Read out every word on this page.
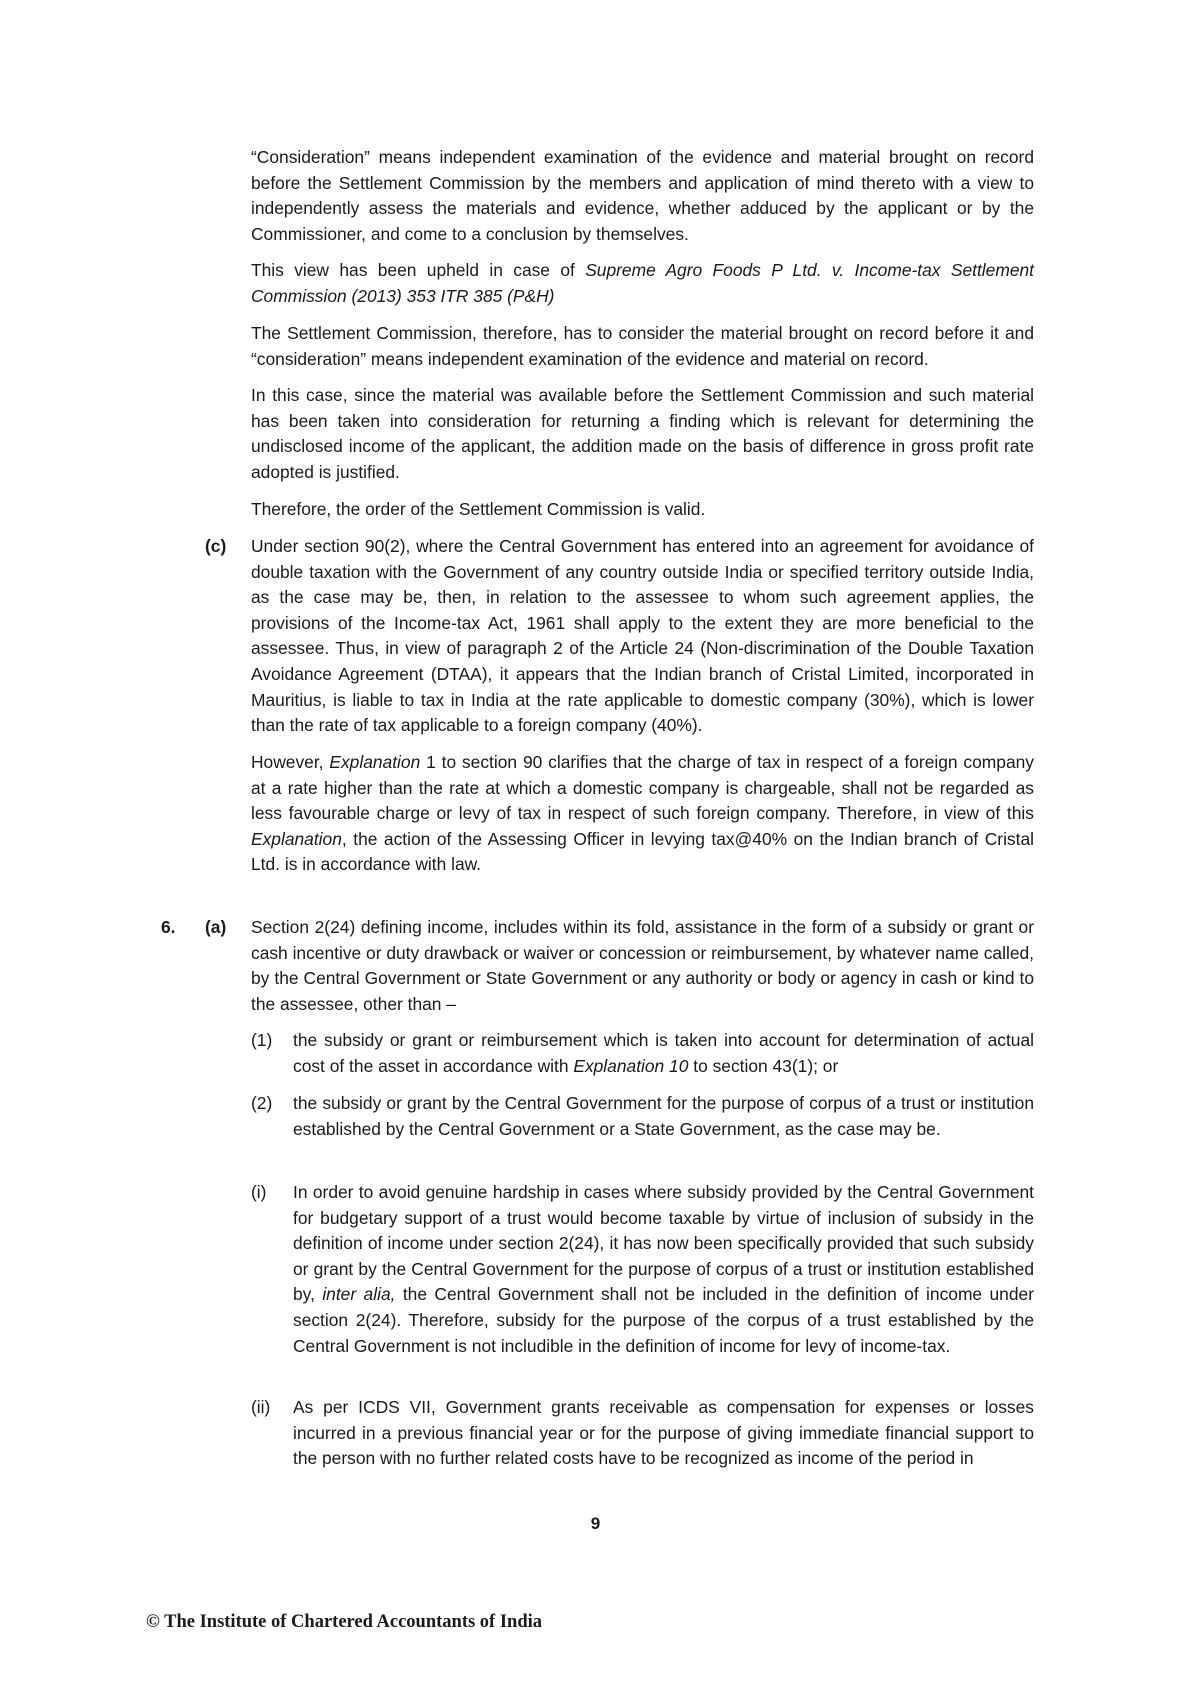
“Consideration” means independent examination of the evidence and material brought on record before the Settlement Commission by the members and application of mind thereto with a view to independently assess the materials and evidence, whether adduced by the applicant or by the Commissioner, and come to a conclusion by themselves.

This view has been upheld in case of Supreme Agro Foods P Ltd. v. Income-tax Settlement Commission (2013) 353 ITR 385 (P&H)

The Settlement Commission, therefore, has to consider the material brought on record before it and “consideration” means independent examination of the evidence and material on record.

In this case, since the material was available before the Settlement Commission and such material has been taken into consideration for returning a finding which is relevant for determining the undisclosed income of the applicant, the addition made on the basis of difference in gross profit rate adopted is justified.

Therefore, the order of the Settlement Commission is valid.

(c) Under section 90(2), where the Central Government has entered into an agreement for avoidance of double taxation with the Government of any country outside India or specified territory outside India, as the case may be, then, in relation to the assessee to whom such agreement applies, the provisions of the Income-tax Act, 1961 shall apply to the extent they are more beneficial to the assessee. Thus, in view of paragraph 2 of the Article 24 (Non-discrimination of the Double Taxation Avoidance Agreement (DTAA), it appears that the Indian branch of Cristal Limited, incorporated in Mauritius, is liable to tax in India at the rate applicable to domestic company (30%), which is lower than the rate of tax applicable to a foreign company (40%).

However, Explanation 1 to section 90 clarifies that the charge of tax in respect of a foreign company at a rate higher than the rate at which a domestic company is chargeable, shall not be regarded as less favourable charge or levy of tax in respect of such foreign company. Therefore, in view of this Explanation, the action of the Assessing Officer in levying tax@40% on the Indian branch of Cristal Ltd. is in accordance with law.

6. (a) Section 2(24) defining income, includes within its fold, assistance in the form of a subsidy or grant or cash incentive or duty drawback or waiver or concession or reimbursement, by whatever name called, by the Central Government or State Government or any authority or body or agency in cash or kind to the assessee, other than –

(1) the subsidy or grant or reimbursement which is taken into account for determination of actual cost of the asset in accordance with Explanation 10 to section 43(1); or

(2) the subsidy or grant by the Central Government for the purpose of corpus of a trust or institution established by the Central Government or a State Government, as the case may be.

(i) In order to avoid genuine hardship in cases where subsidy provided by the Central Government for budgetary support of a trust would become taxable by virtue of inclusion of subsidy in the definition of income under section 2(24), it has now been specifically provided that such subsidy or grant by the Central Government for the purpose of corpus of a trust or institution established by, inter alia, the Central Government shall not be included in the definition of income under section 2(24). Therefore, subsidy for the purpose of the corpus of a trust established by the Central Government is not includible in the definition of income for levy of income-tax.

(ii) As per ICDS VII, Government grants receivable as compensation for expenses or losses incurred in a previous financial year or for the purpose of giving immediate financial support to the person with no further related costs have to be recognized as income of the period in

9
© The Institute of Chartered Accountants of India
